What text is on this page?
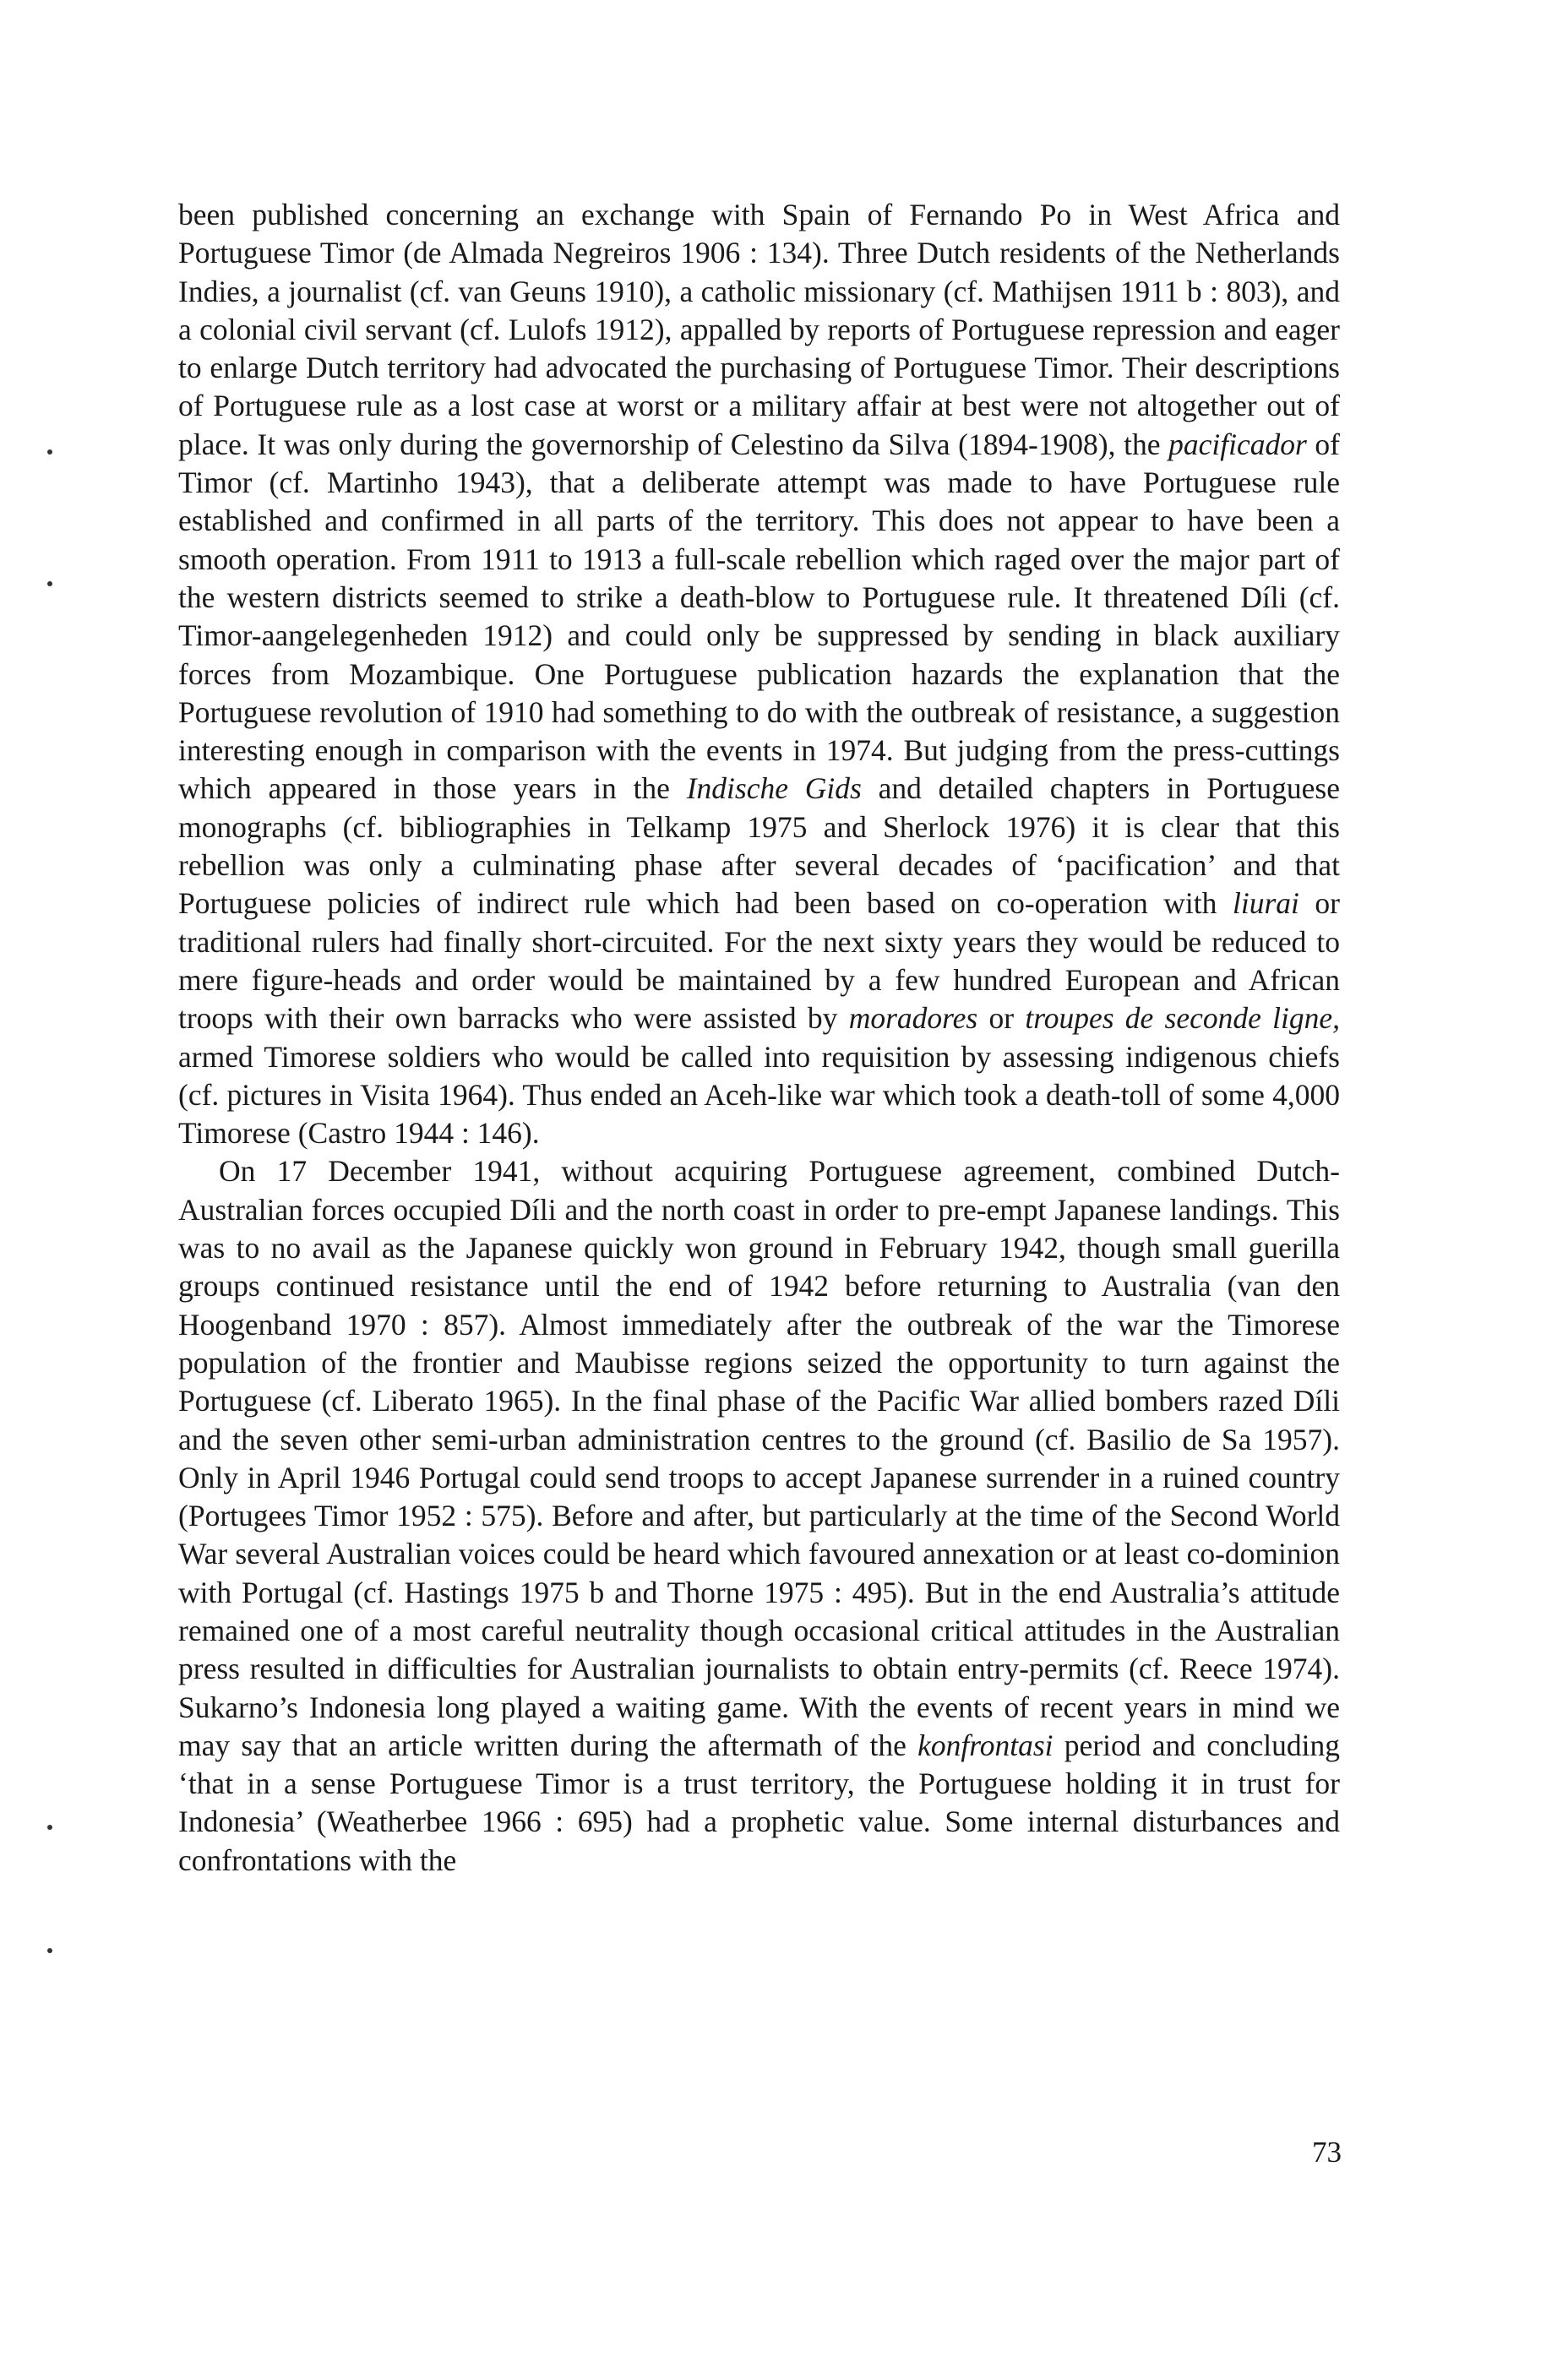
been published concerning an exchange with Spain of Fernando Po in West Africa and Portuguese Timor (de Almada Negreiros 1906 : 134). Three Dutch residents of the Netherlands Indies, a journalist (cf. van Geuns 1910), a catholic missionary (cf. Mathijsen 1911 b : 803), and a colonial civil servant (cf. Lulofs 1912), appalled by reports of Portuguese repression and eager to enlarge Dutch territory had advocated the purchasing of Portuguese Timor. Their descriptions of Portuguese rule as a lost case at worst or a military affair at best were not altogether out of place. It was only during the governorship of Celestino da Silva (1894-1908), the pacificador of Timor (cf. Martinho 1943), that a deliberate attempt was made to have Portuguese rule established and confirmed in all parts of the territory. This does not appear to have been a smooth operation. From 1911 to 1913 a full-scale rebellion which raged over the major part of the western districts seemed to strike a death-blow to Portuguese rule. It threatened Díli (cf. Timor-aangelegenheden 1912) and could only be suppressed by sending in black auxiliary forces from Mozambique. One Portuguese publication hazards the explanation that the Portuguese revolution of 1910 had something to do with the outbreak of resistance, a suggestion interesting enough in comparison with the events in 1974. But judging from the press-cuttings which appeared in those years in the Indische Gids and detailed chapters in Portuguese monographs (cf. bibliographies in Telkamp 1975 and Sherlock 1976) it is clear that this rebellion was only a culminating phase after several decades of ‘pacification’ and that Portuguese policies of indirect rule which had been based on co-operation with liurai or traditional rulers had finally short-circuited. For the next sixty years they would be reduced to mere figure-heads and order would be maintained by a few hundred European and African troops with their own barracks who were assisted by moradores or troupes de seconde ligne, armed Timorese soldiers who would be called into requisition by assessing indigenous chiefs (cf. pictures in Visita 1964). Thus ended an Aceh-like war which took a death-toll of some 4,000 Timorese (Castro 1944 : 146).

On 17 December 1941, without acquiring Portuguese agreement, combined Dutch-Australian forces occupied Díli and the north coast in order to pre-empt Japanese landings. This was to no avail as the Japanese quickly won ground in February 1942, though small guerilla groups continued resistance until the end of 1942 before returning to Australia (van den Hoogenband 1970 : 857). Almost immediately after the outbreak of the war the Timorese population of the frontier and Maubisse regions seized the opportunity to turn against the Portuguese (cf. Liberato 1965). In the final phase of the Pacific War allied bombers razed Díli and the seven other semi-urban administration centres to the ground (cf. Basilio de Sa 1957). Only in April 1946 Portugal could send troops to accept Japanese surrender in a ruined country (Portugees Timor 1952 : 575). Before and after, but particularly at the time of the Second World War several Australian voices could be heard which favoured annexation or at least co-dominion with Portugal (cf. Hastings 1975 b and Thorne 1975 : 495). But in the end Australia’s attitude remained one of a most careful neutrality though occasional critical attitudes in the Australian press resulted in difficulties for Australian journalists to obtain entry-permits (cf. Reece 1974). Sukarno’s Indonesia long played a waiting game. With the events of recent years in mind we may say that an article written during the aftermath of the konfrontasi period and concluding ‘that in a sense Portuguese Timor is a trust territory, the Portuguese holding it in trust for Indonesia’ (Weatherbee 1966 : 695) had a prophetic value. Some internal disturbances and confrontations with the

73
